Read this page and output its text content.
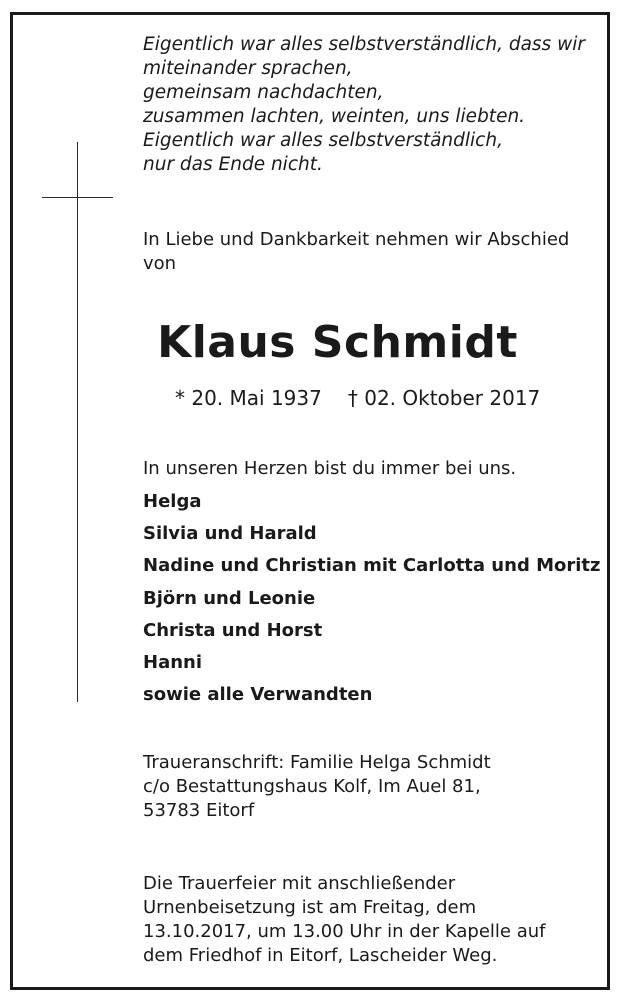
Eigentlich war alles selbstverständlich, dass wir
miteinander sprachen,
gemeinsam nachdachten,
zusammen lachten, weinten, uns liebten.
Eigentlich war alles selbstverständlich,
nur das Ende nicht.
In Liebe und Dankbarkeit nehmen wir Abschied
von
Klaus Schmidt
* 20. Mai 1937 † 02. Oktober 2017
In unseren Herzen bist du immer bei uns.
Helga
Silvia und Harald
Nadine und Christian mit Carlotta und Moritz
Björn und Leonie
Christa und Horst
Hanni
sowie alle Verwandten
Traueranschrift: Familie Helga Schmidt
c/o Bestattungshaus Kolf, Im Auel 81,
53783 Eitorf
Die Trauerfeier mit anschließender
Urnenbeisetzung ist am Freitag, dem
13.10.2017, um 13.00 Uhr in der Kapelle auf
dem Friedhof in Eitorf, Lascheider Weg.
